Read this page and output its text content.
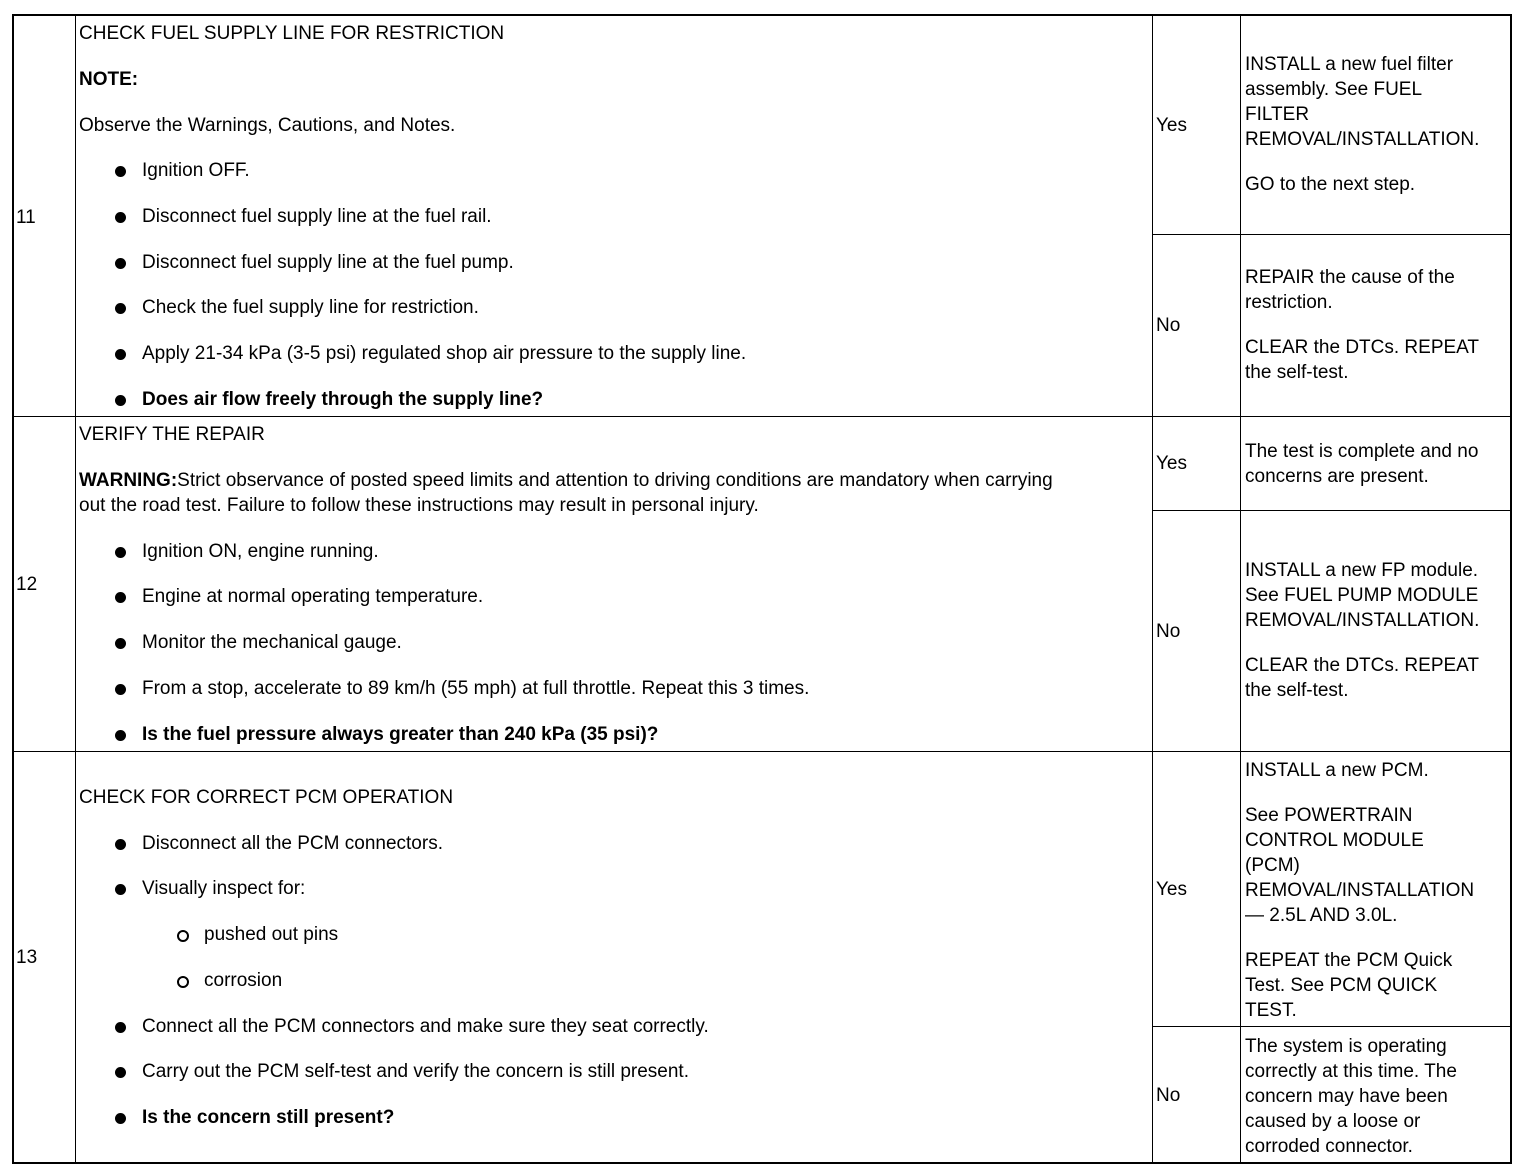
11
CHECK FUEL SUPPLY LINE FOR RESTRICTION
NOTE:
Observe the Warnings, Cautions, and Notes.
Ignition OFF.
Disconnect fuel supply line at the fuel rail.
Disconnect fuel supply line at the fuel pump.
Check the fuel supply line for restriction.
Apply 21-34 kPa (3-5 psi) regulated shop air pressure to the supply line.
Does air flow freely through the supply line?
Yes
No

INSTALL a new fuel filter

assembly. See FUEL

FILTER

REMOVAL/INSTALLATION.

GO to the next step.

REPAIR the cause of the

restriction.

CLEAR the DTCs. REPEAT

the self-test.

12
VERIFY THE REPAIR
WARNING:Strict observance of posted speed limits and attention to driving conditions are mandatory when carrying
out the road test. Failure to follow these instructions may result in personal injury.
Ignition ON, engine running.
Engine at normal operating temperature.
Monitor the mechanical gauge.
From a stop, accelerate to 89 km/h (55 mph) at full throttle. Repeat this 3 times.
Is the fuel pressure always greater than 240 kPa (35 psi)?
Yes
No

The test is complete and no

concerns are present.

INSTALL a new FP module.

See FUEL PUMP MODULE

REMOVAL/INSTALLATION.

CLEAR the DTCs. REPEAT

the self-test.

13
CHECK FOR CORRECT PCM OPERATION
Disconnect all the PCM connectors.
Visually inspect for:
pushed out pins
corrosion
Connect all the PCM connectors and make sure they seat correctly.
Carry out the PCM self-test and verify the concern is still present.
Is the concern still present?
Yes
No

INSTALL a new PCM.

See POWERTRAIN

CONTROL MODULE

(PCM)

REMOVAL/INSTALLATION

— 2.5L AND 3.0L.

REPEAT the PCM Quick

Test. See PCM QUICK

TEST.

The system is operating

correctly at this time. The

concern may have been

caused by a loose or

corroded connector.
